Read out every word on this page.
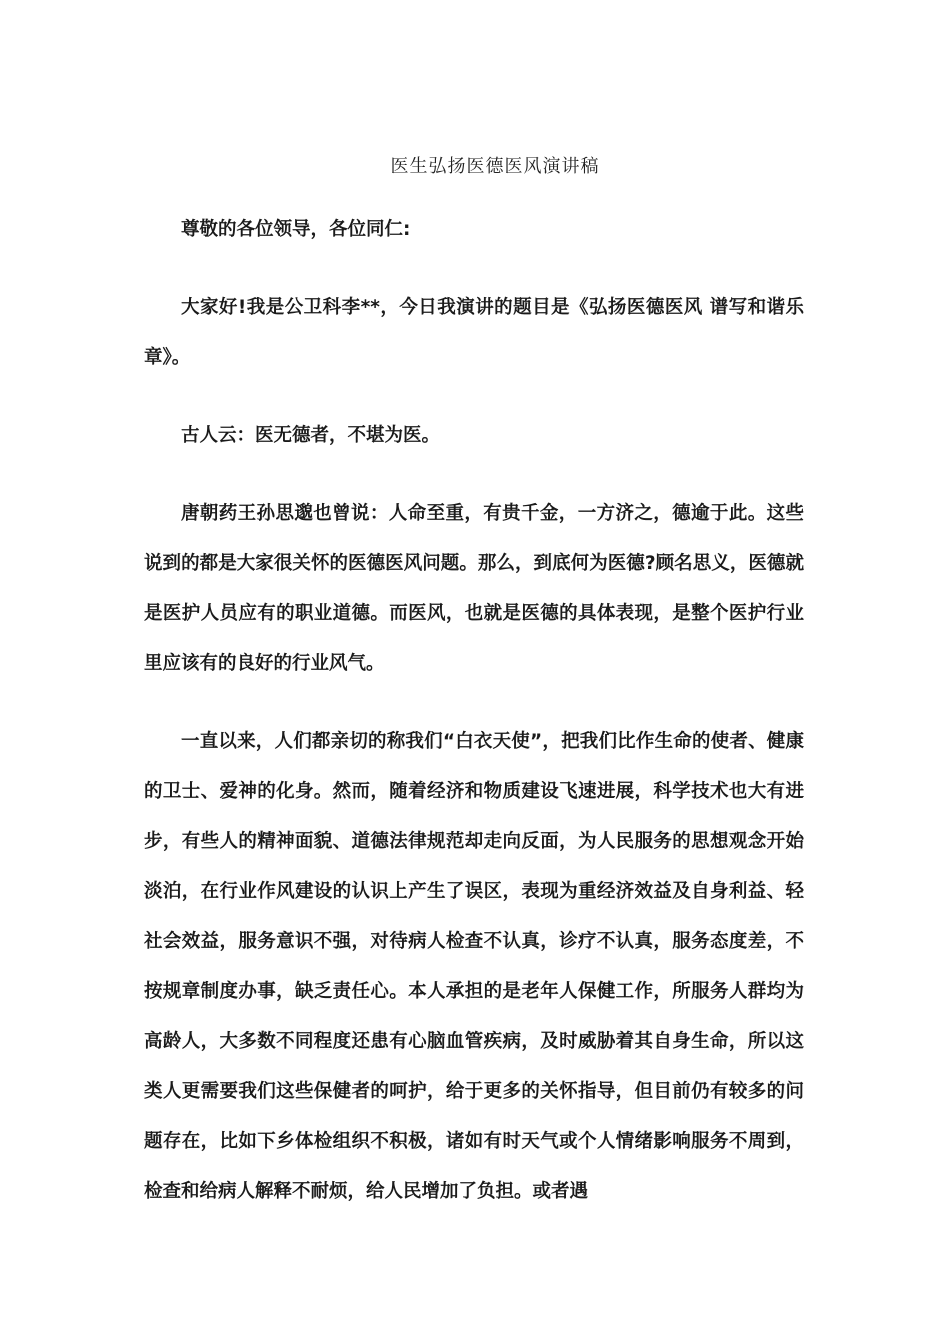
医生弘扬医德医风演讲稿

尊敬的各位领导，各位同仁:

大家好!我是公卫科李**，今日我演讲的题目是《弘扬医德医风 谱写和谐乐章》。

古人云：医无德者，不堪为医。

唐朝药王孙思邈也曾说：人命至重，有贵千金，一方济之，德逾于此。这些说到的都是大家很关怀的医德医风问题。那么，到底何为医德?顾名思义，医德就是医护人员应有的职业道德。而医风，也就是医德的具体表现，是整个医护行业里应该有的良好的行业风气。

一直以来，人们都亲切的称我们“白衣天使”，把我们比作生命的使者、健康的卫士、爱神的化身。然而，随着经济和物质建设飞速进展，科学技术也大有进步，有些人的精神面貌、道德法律规范却走向反面，为人民服务的思想观念开始淡泊，在行业作风建设的认识上产生了误区，表现为重经济效益及自身利益、轻社会效益，服务意识不强，对待病人检查不认真，诊疗不认真，服务态度差，不按规章制度办事，缺乏责任心。本人承担的是老年人保健工作，所服务人群均为高龄人，大多数不同程度还患有心脑血管疾病，及时威胁着其自身生命，所以这类人更需要我们这些保健者的呵护，给于更多的关怀指导，但目前仍有较多的问题存在，比如下乡体检组织不积极，诸如有时天气或个人情绪影响服务不周到，检查和给病人解释不耐烦，给人民增加了负担。或者遇
